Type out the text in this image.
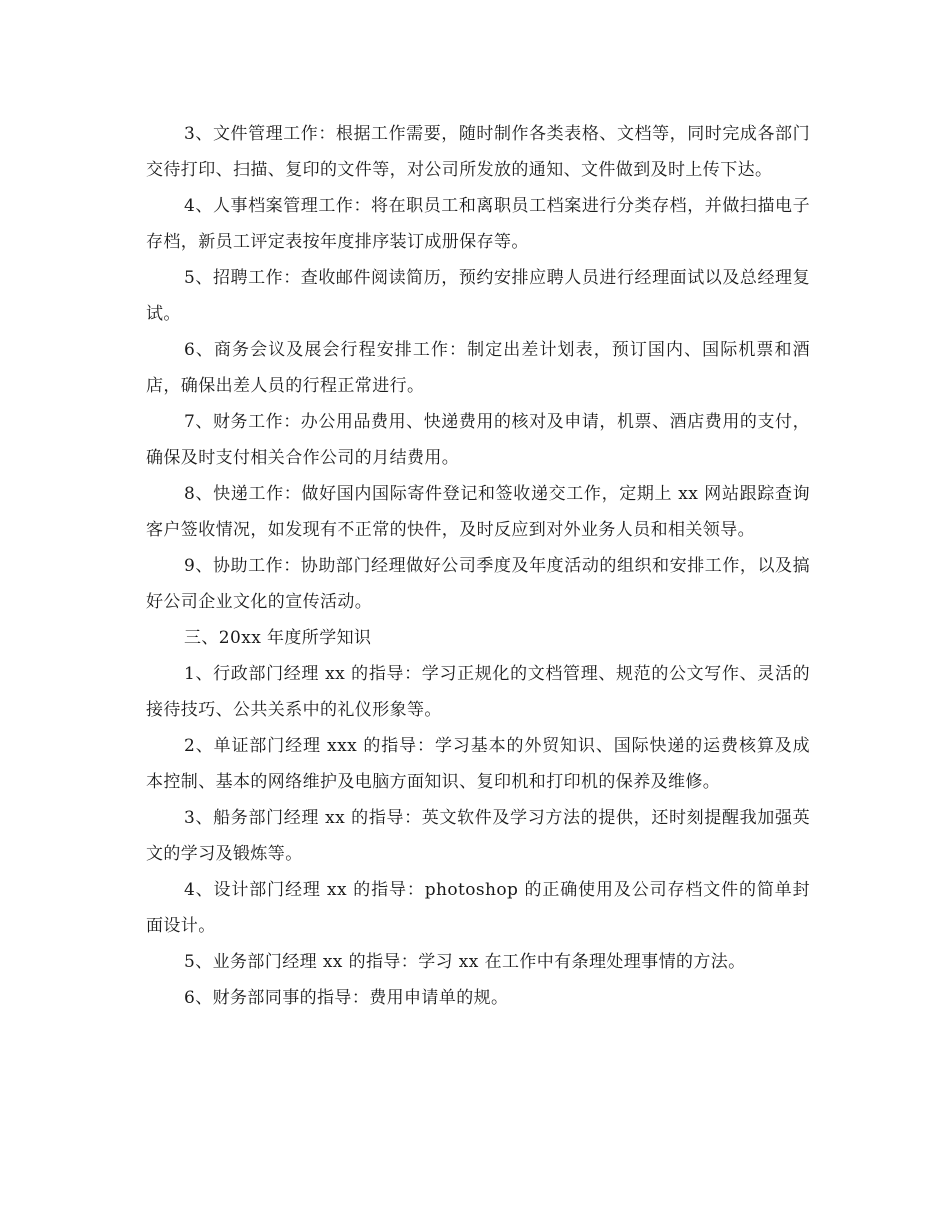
3、文件管理工作：根据工作需要，随时制作各类表格、文档等，同时完成各部门交待打印、扫描、复印的文件等，对公司所发放的通知、文件做到及时上传下达。

4、人事档案管理工作：将在职员工和离职员工档案进行分类存档，并做扫描电子存档，新员工评定表按年度排序装订成册保存等。

5、招聘工作：查收邮件阅读简历，预约安排应聘人员进行经理面试以及总经理复试。

6、商务会议及展会行程安排工作：制定出差计划表，预订国内、国际机票和酒店，确保出差人员的行程正常进行。

7、财务工作：办公用品费用、快递费用的核对及申请，机票、酒店费用的支付，确保及时支付相关合作公司的月结费用。

8、快递工作：做好国内国际寄件登记和签收递交工作，定期上 xx 网站跟踪查询客户签收情况，如发现有不正常的快件，及时反应到对外业务人员和相关领导。

9、协助工作：协助部门经理做好公司季度及年度活动的组织和安排工作，以及搞好公司企业文化的宣传活动。

三、20xx 年度所学知识

1、行政部门经理 xx 的指导：学习正规化的文档管理、规范的公文写作、灵活的接待技巧、公共关系中的礼仪形象等。

2、单证部门经理 xxx 的指导：学习基本的外贸知识、国际快递的运费核算及成本控制、基本的网络维护及电脑方面知识、复印机和打印机的保养及维修。

3、船务部门经理 xx 的指导：英文软件及学习方法的提供，还时刻提醒我加强英文的学习及锻炼等。

4、设计部门经理 xx 的指导：photoshop 的正确使用及公司存档文件的简单封面设计。

5、业务部门经理 xx 的指导：学习 xx 在工作中有条理处理事情的方法。

6、财务部同事的指导：费用申请单的规。
